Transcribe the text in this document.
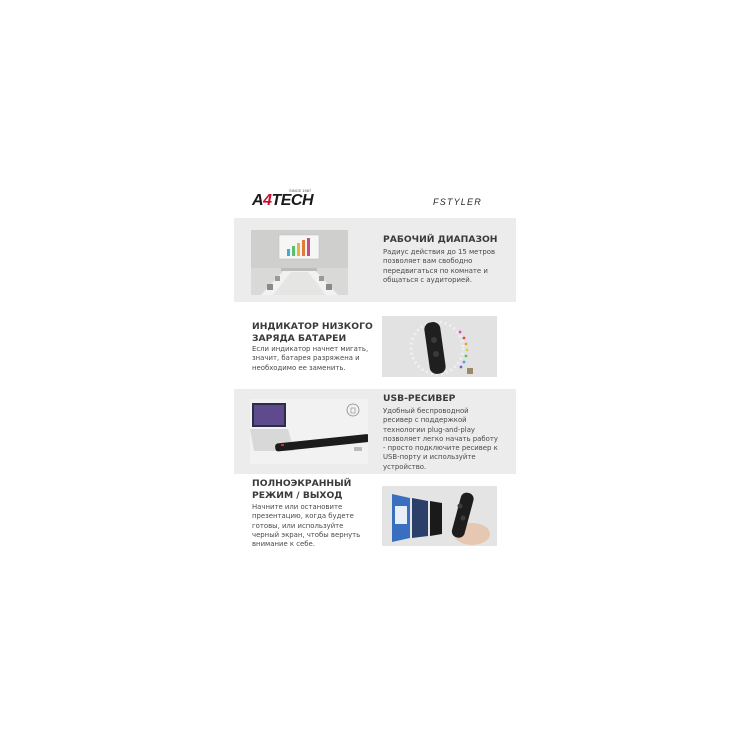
A4TECH
SINCE 1987
FSTYLER
РАБОЧИЙ ДИАПАЗОН
Радиус действия до 15 метров
позволяет вам свободно
передвигаться по комнате и
общаться с аудиторией.
ИНДИКАТОР НИЗКОГО
ЗАРЯДА БАТАРЕИ
Если индикатор начнет мигать,
значит, батарея разряжена и
необходимо ее заменить.
USB-РЕСИВЕР
Удобный беспроводной
ресивер с поддержкой
технологии plug-and-play
позволяет легко начать работу
- просто подключите ресивер к
USB-порту и используйте
устройство.
ПОЛНОЭКРАННЫЙ
РЕЖИМ / ВЫХОД
Начните или остановите
презентацию, когда будете
готовы, или используйте
черный экран, чтобы вернуть
внимание к себе.
